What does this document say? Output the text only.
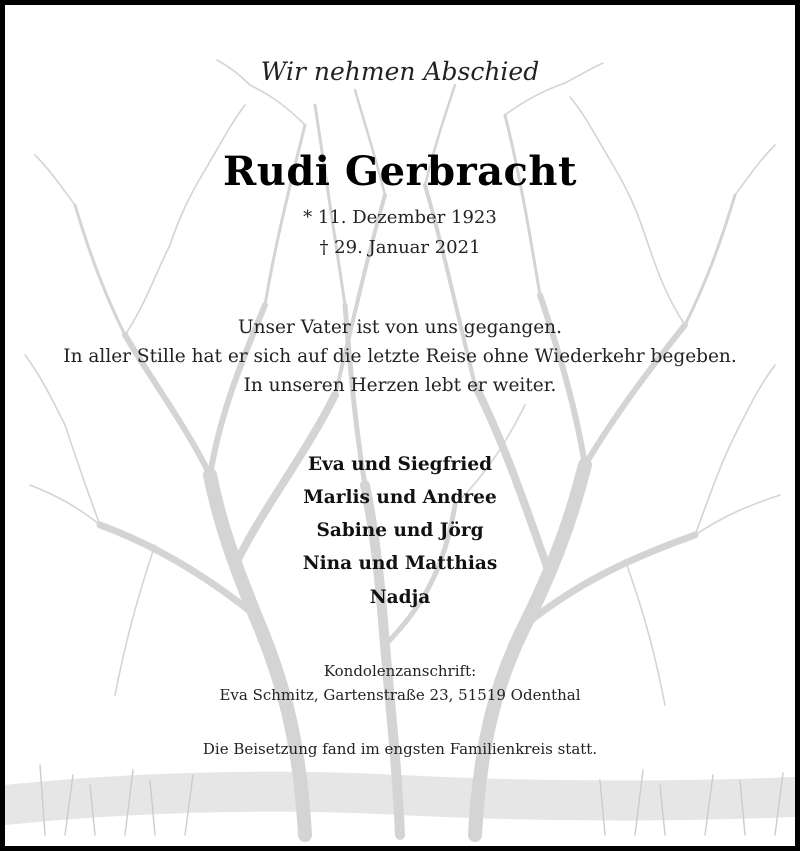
Wir nehmen Abschied
Rudi Gerbracht
* 11. Dezember 1923
† 29. Januar 2021
Unser Vater ist von uns gegangen.
In aller Stille hat er sich auf die letzte Reise ohne Wiederkehr begeben.
In unseren Herzen lebt er weiter.
Eva und Siegfried
Marlis und Andree
Sabine und Jörg
Nina und Matthias
Nadja
Kondolenzanschrift:
Eva Schmitz, Gartenstraße 23, 51519 Odenthal
Die Beisetzung fand im engsten Familienkreis statt.
